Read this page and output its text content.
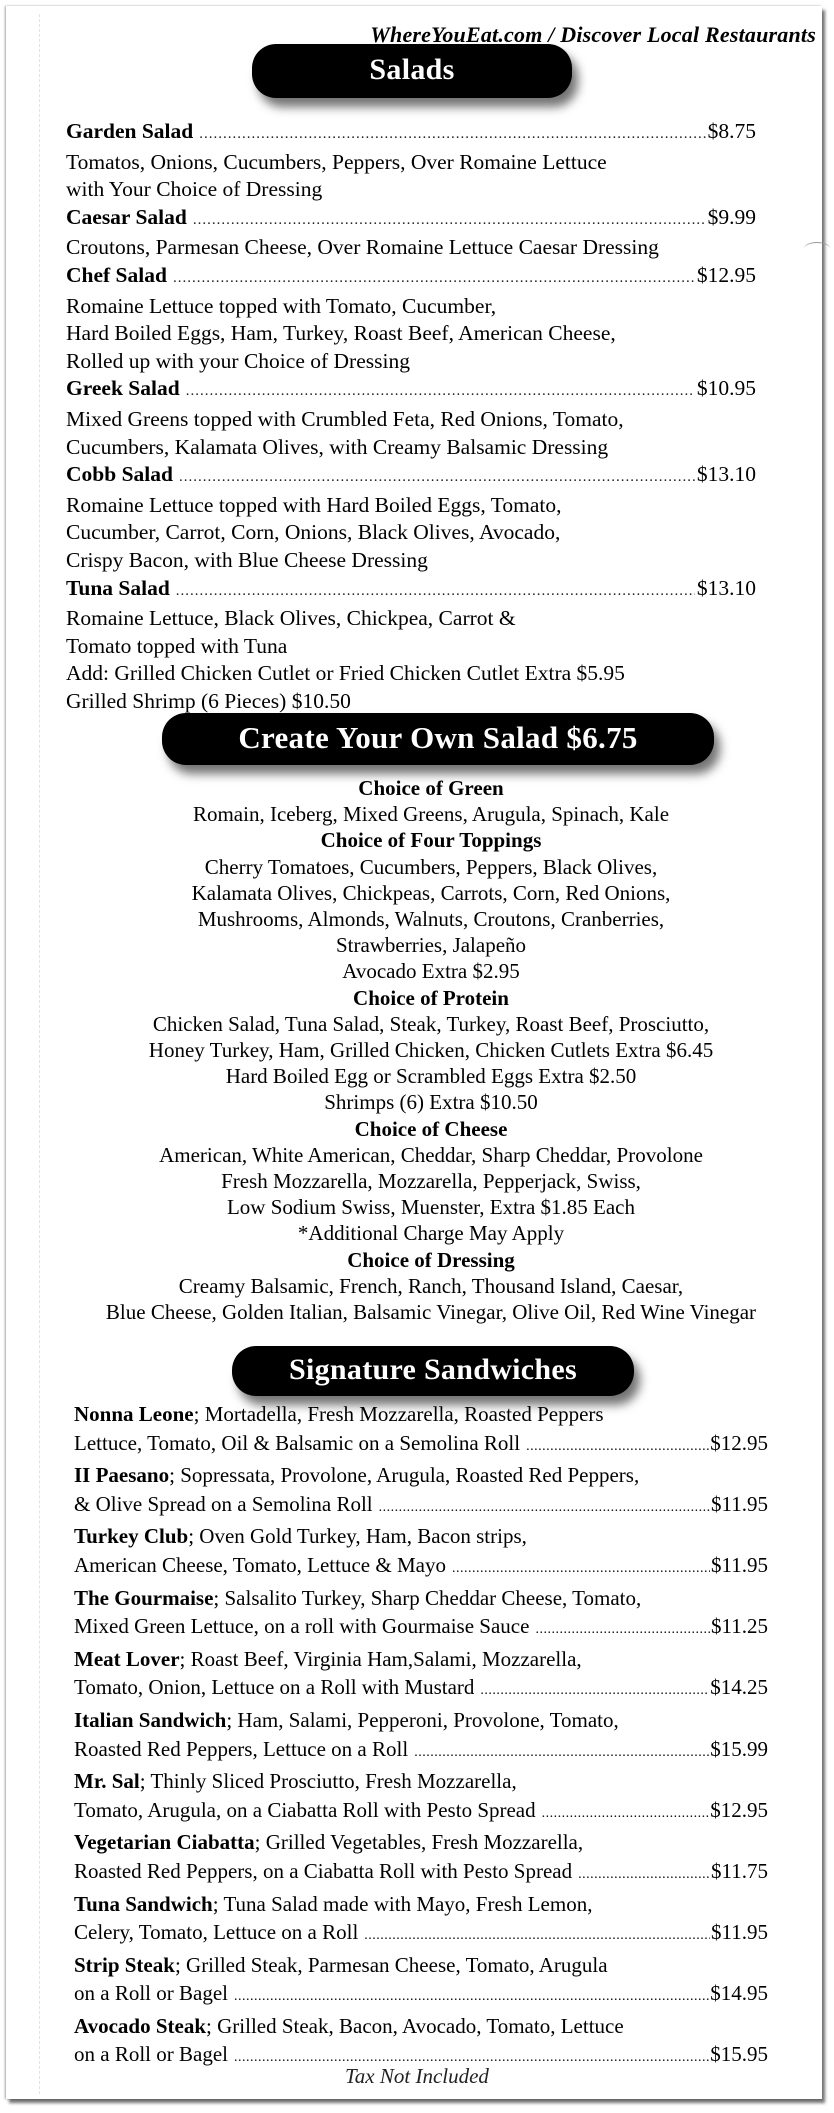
WhereYouEat.com / Discover Local Restaurants
Salads
Garden Salad .....	$8.75
Tomatos, Onions, Cucumbers, Peppers, Over Romaine Lettuce
with Your Choice of Dressing
Caesar Salad .....	$9.99
Croutons, Parmesan Cheese, Over Romaine Lettuce Caesar Dressing
Chef Salad .....	$12.95
Romaine Lettuce topped with Tomato, Cucumber,
Hard Boiled Eggs, Ham, Turkey, Roast Beef, American Cheese,
Rolled up with your Choice of Dressing
Greek Salad .....	$10.95
Mixed Greens topped with Crumbled Feta, Red Onions, Tomato,
Cucumbers, Kalamata Olives, with Creamy Balsamic Dressing
Cobb Salad .....	$13.10
Romaine Lettuce topped with Hard Boiled Eggs, Tomato,
Cucumber, Carrot, Corn, Onions, Black Olives, Avocado,
Crispy Bacon, with Blue Cheese Dressing
Tuna Salad .....	$13.10
Romaine Lettuce, Black Olives, Chickpea, Carrot &
Tomato topped with Tuna
Add: Grilled Chicken Cutlet or Fried Chicken Cutlet Extra $5.95
Grilled Shrimp (6 Pieces) $10.50
Create Your Own Salad $6.75
Choice of Green
Romain, Iceberg, Mixed Greens, Arugula, Spinach, Kale
Choice of Four Toppings
Cherry Tomatoes, Cucumbers, Peppers, Black Olives,
Kalamata Olives, Chickpeas, Carrots, Corn, Red Onions,
Mushrooms, Almonds, Walnuts, Croutons, Cranberries,
Strawberries, Jalapeño
Avocado Extra $2.95
Choice of Protein
Chicken Salad, Tuna Salad, Steak, Turkey, Roast Beef, Prosciutto,
Honey Turkey, Ham, Grilled Chicken, Chicken Cutlets Extra $6.45
Hard Boiled Egg or Scrambled Eggs Extra $2.50
Shrimps (6) Extra $10.50
Choice of Cheese
American, White American, Cheddar, Sharp Cheddar, Provolone
Fresh Mozzarella, Mozzarella, Pepperjack, Swiss,
Low Sodium Swiss, Muenster, Extra $1.85 Each
*Additional Charge May Apply
Choice of Dressing
Creamy Balsamic, French, Ranch, Thousand Island, Caesar,
Blue Cheese, Golden Italian, Balsamic Vinegar, Olive Oil, Red Wine Vinegar
Signature Sandwiches
Nonna Leone; Mortadella, Fresh Mozzarella, Roasted Peppers
Lettuce, Tomato, Oil & Balsamic on a Semolina Roll .....	$12.95
II Paesano; Sopressata, Provolone, Arugula, Roasted Red Peppers,
& Olive Spread on a Semolina Roll .....	$11.95
Turkey Club; Oven Gold Turkey, Ham, Bacon strips,
American Cheese, Tomato, Lettuce & Mayo .....	$11.95
The Gourmaise; Salsalito Turkey, Sharp Cheddar Cheese, Tomato,
Mixed Green Lettuce, on a roll with Gourmaise Sauce .....	$11.25
Meat Lover; Roast Beef, Virginia Ham,Salami, Mozzarella,
Tomato, Onion, Lettuce on a Roll with Mustard .....	$14.25
Italian Sandwich; Ham, Salami, Pepperoni, Provolone, Tomato,
Roasted Red Peppers, Lettuce on a Roll .....	$15.99
Mr. Sal; Thinly Sliced Prosciutto, Fresh Mozzarella,
Tomato, Arugula, on a Ciabatta Roll with Pesto Spread .....	$12.95
Vegetarian Ciabatta; Grilled Vegetables, Fresh Mozzarella,
Roasted Red Peppers, on a Ciabatta Roll with Pesto Spread .....	$11.75
Tuna Sandwich; Tuna Salad made with Mayo, Fresh Lemon,
Celery, Tomato, Lettuce on a Roll .....	$11.95
Strip Steak; Grilled Steak, Parmesan Cheese, Tomato, Arugula
on a Roll or Bagel .....	$14.95
Avocado Steak; Grilled Steak, Bacon, Avocado, Tomato, Lettuce
on a Roll or Bagel .....	$15.95
Tax Not Included
